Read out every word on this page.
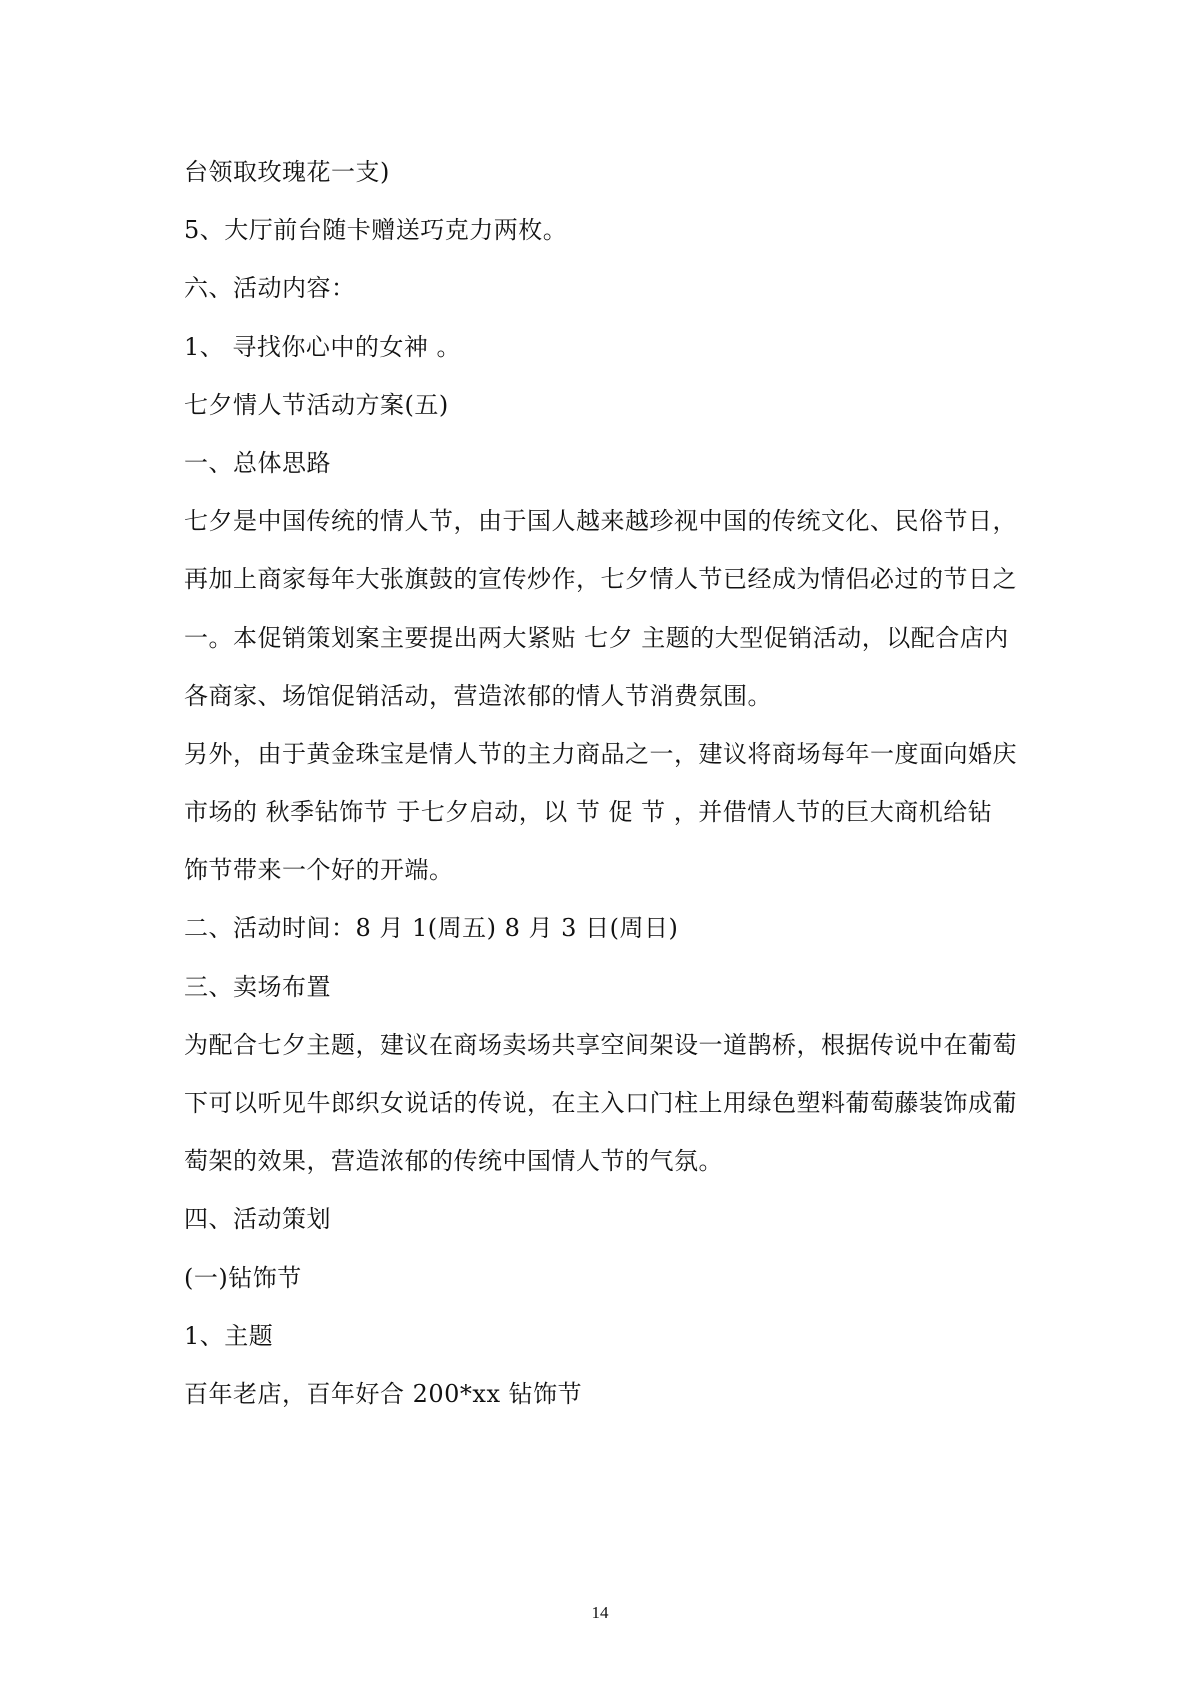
台领取玫瑰花一支)

5、大厅前台随卡赠送巧克力两枚。

六、活动内容：

1、 寻找你心中的女神 。

七夕情人节活动方案(五)

一、总体思路

七夕是中国传统的情人节，由于国人越来越珍视中国的传统文化、民俗节日，

再加上商家每年大张旗鼓的宣传炒作，七夕情人节已经成为情侣必过的节日之

一。本促销策划案主要提出两大紧贴 七夕 主题的大型促销活动，以配合店内

各商家、场馆促销活动，营造浓郁的情人节消费氛围。

另外，由于黄金珠宝是情人节的主力商品之一，建议将商场每年一度面向婚庆

市场的 秋季钻饰节 于七夕启动，以 节 促 节 ，并借情人节的巨大商机给钻

饰节带来一个好的开端。

二、活动时间：8 月 1(周五) 8 月 3 日(周日)

三、卖场布置

为配合七夕主题，建议在商场卖场共享空间架设一道鹊桥，根据传说中在葡萄

下可以听见牛郎织女说话的传说，在主入口门柱上用绿色塑料葡萄藤装饰成葡

萄架的效果，营造浓郁的传统中国情人节的气氛。

四、活动策划

(一)钻饰节

1、主题

百年老店，百年好合 200*xx 钻饰节

14
